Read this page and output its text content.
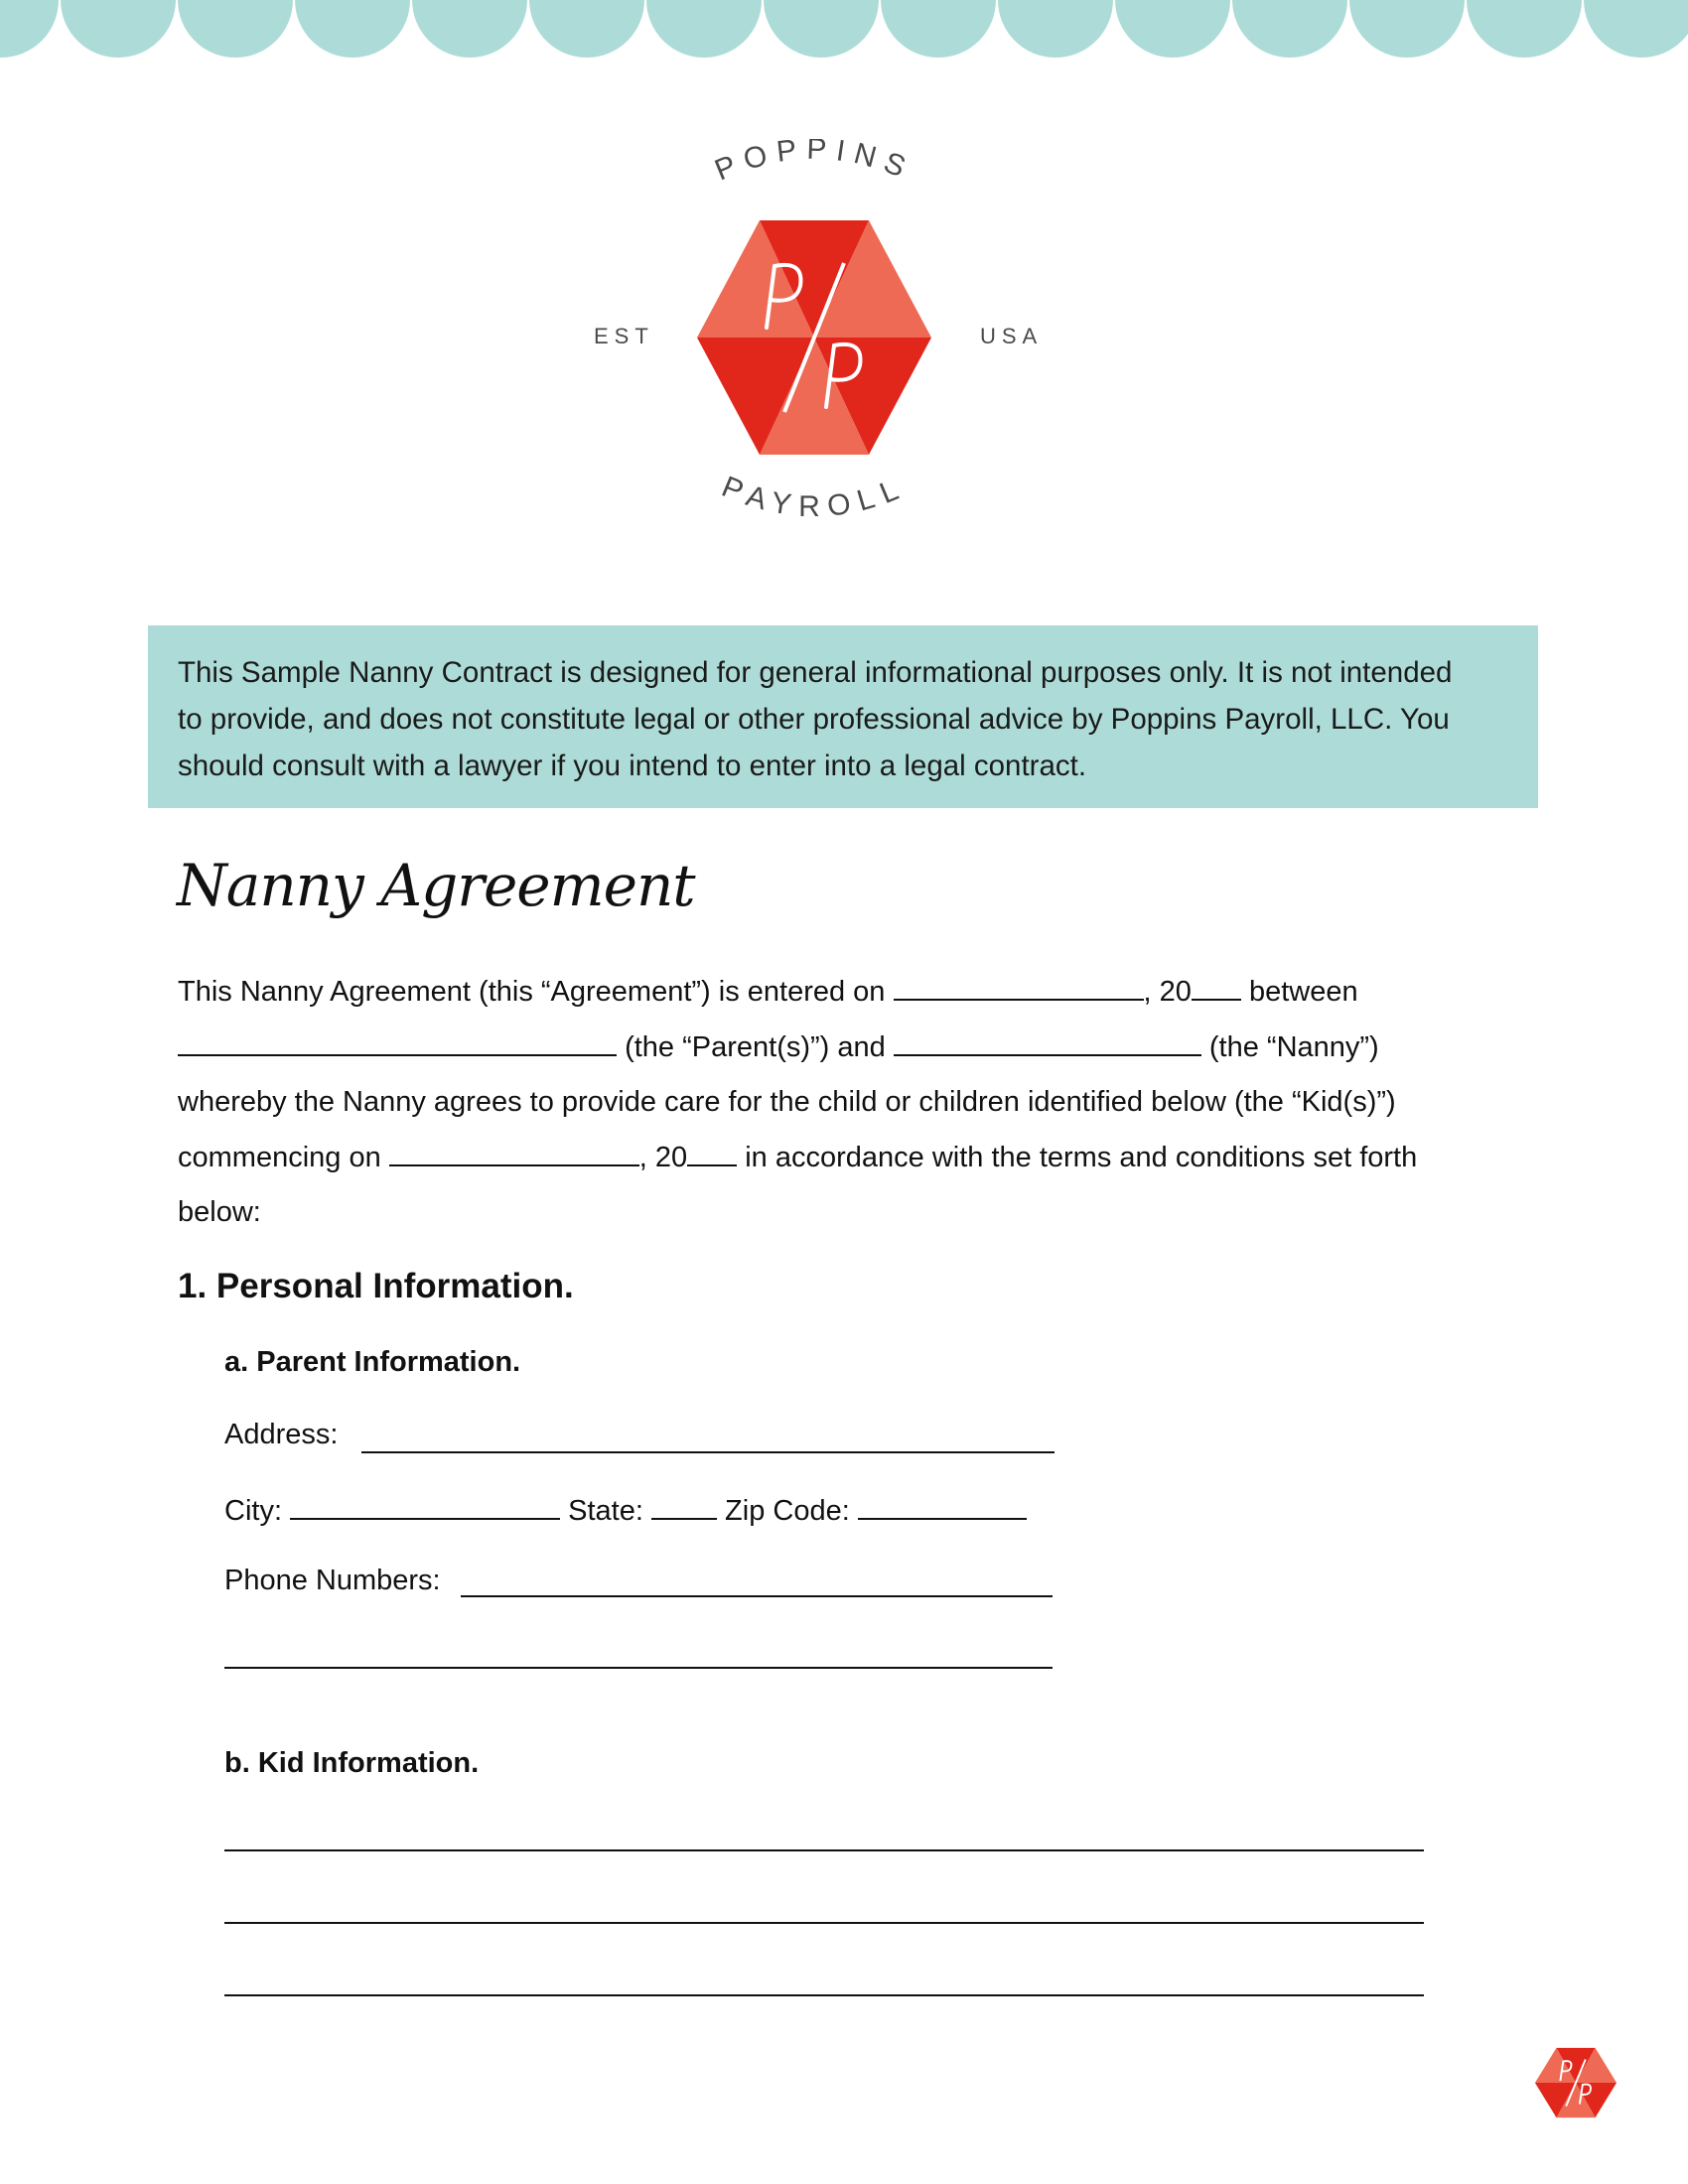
POPPINS
PAYROLL
EST	USA

This Sample Nanny Contract is designed for general informational purposes only. It is not intended

to provide, and does not constitute legal or other professional advice by Poppins Payroll, LLC. You

should consult with a lawyer if you intend to enter into a legal contract.

Nanny Agreement
This Nanny Agreement (this “Agreement”) is entered on	, 20 between
(the “Parent(s)”) and	(the “Nanny”)
whereby the Nanny agrees to provide care for the child or children identified below (the “Kid(s)”)
commencing on	, 20 in accordance with the terms and conditions set forth
below:
1. Personal Information.
a. Parent Information.
Address:
City:	State:	Zip Code:
Phone Numbers:
b. Kid Information.
